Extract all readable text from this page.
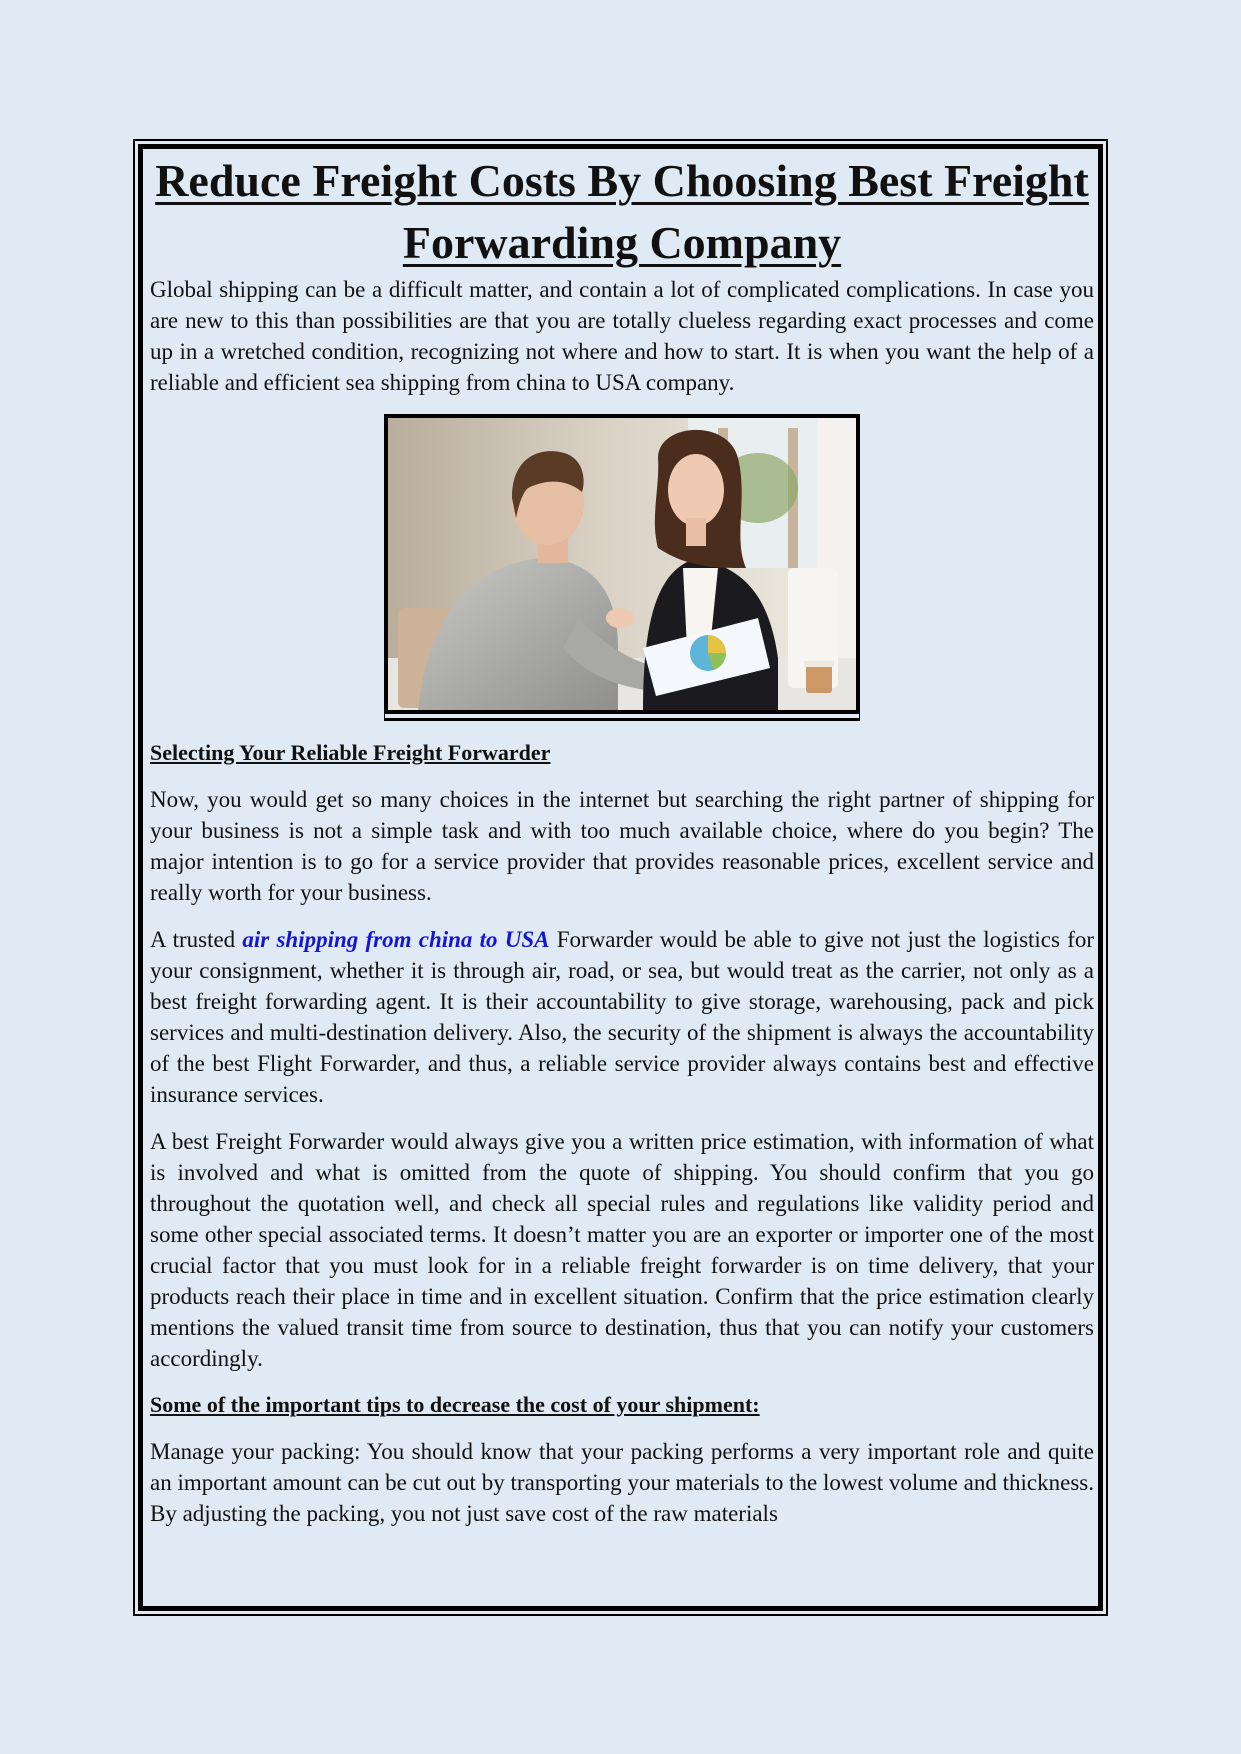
Reduce Freight Costs By Choosing Best Freight Forwarding Company

Global shipping can be a difficult matter, and contain a lot of complicated complications. In case you are new to this than possibilities are that you are totally clueless regarding exact processes and come up in a wretched condition, recognizing not where and how to start. It is when you want the help of a reliable and efficient sea shipping from china to USA company.

Selecting Your Reliable Freight Forwarder

Now, you would get so many choices in the internet but searching the right partner of shipping for your business is not a simple task and with too much available choice, where do you begin? The major intention is to go for a service provider that provides reasonable prices, excellent service and really worth for your business.

A trusted air shipping from china to USA Forwarder would be able to give not just the logistics for your consignment, whether it is through air, road, or sea, but would treat as the carrier, not only as a best freight forwarding agent. It is their accountability to give storage, warehousing, pack and pick services and multi-destination delivery. Also, the security of the shipment is always the accountability of the best Flight Forwarder, and thus, a reliable service provider always contains best and effective insurance services.

A best Freight Forwarder would always give you a written price estimation, with information of what is involved and what is omitted from the quote of shipping. You should confirm that you go throughout the quotation well, and check all special rules and regulations like validity period and some other special associated terms. It doesn’t matter you are an exporter or importer one of the most crucial factor that you must look for in a reliable freight forwarder is on time delivery, that your products reach their place in time and in excellent situation. Confirm that the price estimation clearly mentions the valued transit time from source to destination, thus that you can notify your customers accordingly.

Some of the important tips to decrease the cost of your shipment:

Manage your packing: You should know that your packing performs a very important role and quite an important amount can be cut out by transporting your materials to the lowest volume and thickness. By adjusting the packing, you not just save cost of the raw materials
